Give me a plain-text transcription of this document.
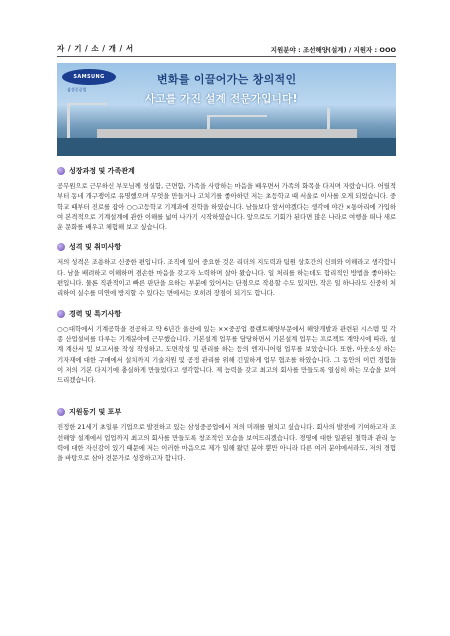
자 / 기 / 소 / 개 / 서	지원분야 : 조선해양(설계) / 지원자 : OOO
SAMSUNG
삼성중공업
변화를 이끌어가는 창의적인
사고를 가진 설계 전문가입니다!
성장과정 및 가족관계

공무원으로 근무하신 부모님께 성실함, 근면함, 가족을 사랑하는 마음을 배우면서 가족의 화목을 다지며 자랐습니다. 어릴적부터 동네 개구쟁이로 유명했으며 무엇을 만들거나 고치기를 좋아하던 저는 초등학교 때 서울로 이사를 오게 되었습니다. 중학교 때부터 진로를 잡아 ○○고등학교 기계과에 진학을 하였습니다. 남들보다 앞서야겠다는 생각에 야간 ×통아리에 가입하여 본격적으로 기계설계에 관한 이해를 넓여 나가기 시작하였습니다. 앞으로도 기회가 된다면 많은 나라로 여행을 떠나 새로운 문화를 배우고 체험해 보고 싶습니다.

성격 및 취미사항

저의 성격은 조용하고 신중한 편입니다. 조직에 있어 중요한 것은 리더의 지도력과 팀원 상호간의 신뢰와 이해라고 생각합니다. 남을 배려하고 이해하며 겸손한 마음을 갖고자 노력하며 살아 왔습니다. 일 처리를 하는데도 합리적인 방법을 좋아하는 편입니다. 물론 직관적이고 빠른 판단을 요하는 부분에 있어서는 단점으로 작용할 수도 있지만, 작은 일 하나라도 신중히 처리하여 실수를 미연에 방지할 수 있다는 면에서는 오히려 장점이 되기도 합니다.

경력 및 특기사항

○○대학에서 기계공학을 전공하고 약 6년간 울산에 있는 ××중공업 플랜트해양부문에서 해양개발과 관련된 시스템 및 각종 산업설비를 다루는 기계분야에 근무했습니다. 기본설계 업무를 담당하면서 기본설계 업무는 프로젝트 계약시에 따라, 설계 계산서 및 보고서를 작성 작성하고, 도면작성 및 관리를 하는 등의 엔지니어링 업무를 보았습니다. 또한, 아웃소싱 하는 기자재에 대한 구매에서 설치까지 기술지원 및 공정 관리를 위해 긴밀하게 업무 협조를 하였습니다. 그 동안의 이런 경험들이 저의 기본 다지기에 충실하게 만들었다고 생각합니다. 제 능력을 갖고 최고의 회사를 만들도록 열심히 하는 모습을 보여드리겠습니다.

지원동기 및 포부

진정한 21세기 초일류 기업으로 발전하고 있는 삼성중공업에서 저의 미래를 펼치고 싶습니다. 회사의 발전에 기여하고자 조선해양 설계에서 업업까지 최고의 회사를 만들도록 창조적인 모습을 보여드리겠습니다. 경영에 대한 일관된 철학과 관리 능력에 대한 자신감이 있기 때문에 저는 이러한 마음으로 제가 일해 왔던 분야 뿐만 아니라 다른 여러 분야에서라도, 저의 경험을 바탕으로 삼아 전문가로 성장하고자 합니다.
